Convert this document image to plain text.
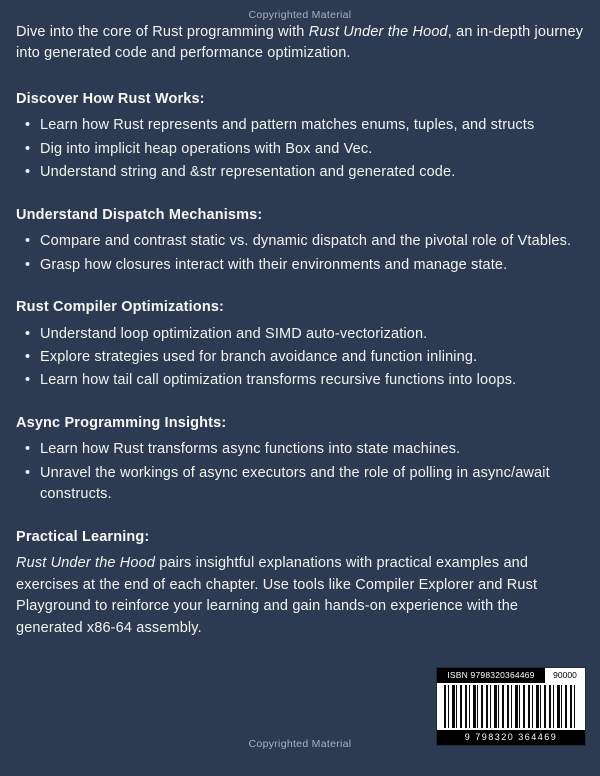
Copyrighted Material

Dive into the core of Rust programming with Rust Under the Hood, an in-depth journey into generated code and performance optimization.

Discover How Rust Works:
• Learn how Rust represents and pattern matches enums, tuples, and structs
• Dig into implicit heap operations with Box and Vec.
• Understand string and &str representation and generated code.
Understand Dispatch Mechanisms:
• Compare and contrast static vs. dynamic dispatch and the pivotal role of Vtables.
• Grasp how closures interact with their environments and manage state.
Rust Compiler Optimizations:
• Understand loop optimization and SIMD auto-vectorization.
• Explore strategies used for branch avoidance and function inlining.
• Learn how tail call optimization transforms recursive functions into loops.
Async Programming Insights:
• Learn how Rust transforms async functions into state machines.
• Unravel the workings of async executors and the role of polling in async/await constructs.
Practical Learning:

Rust Under the Hood pairs insightful explanations with practical examples and exercises at the end of each chapter. Use tools like Compiler Explorer and Rust Playground to reinforce your learning and gain hands-on experience with the generated x86-64 assembly.

ISBN 9798320364469	90000
9 798320 364469
Copyrighted Material
